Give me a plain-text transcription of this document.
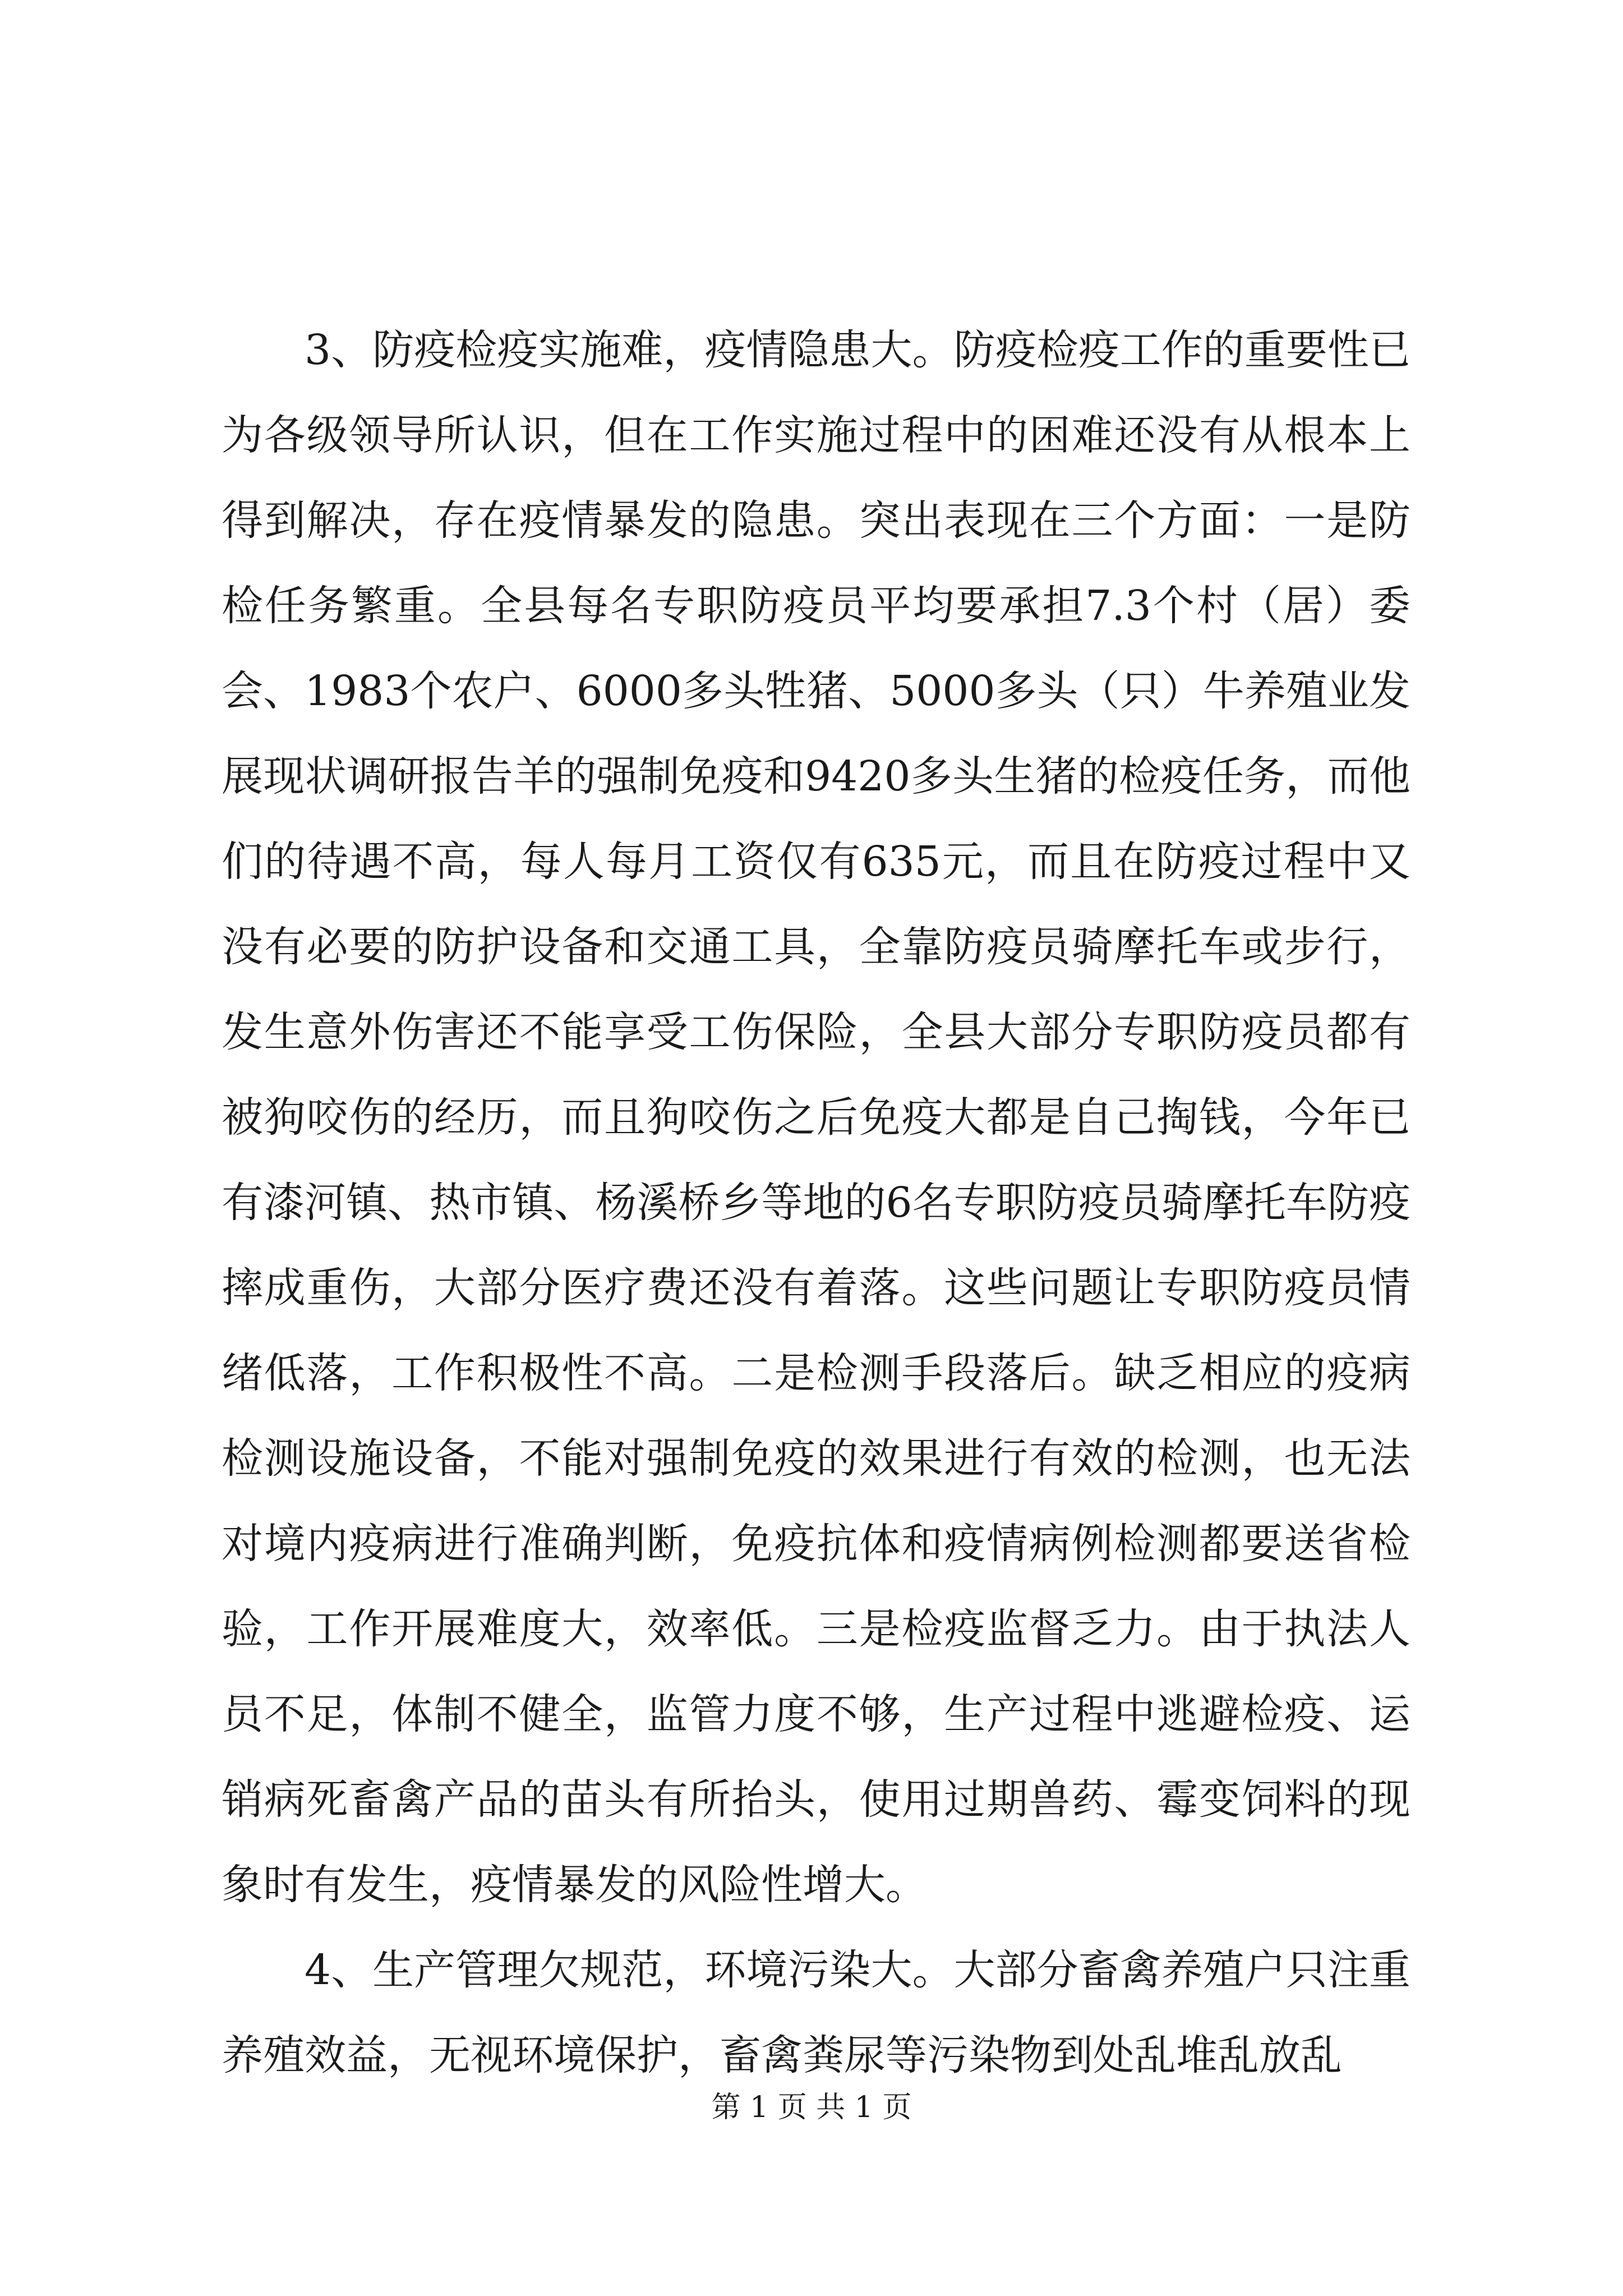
3、防疫检疫实施难，疫情隐患大。防疫检疫工作的重要性已为各级领导所认识，但在工作实施过程中的困难还没有从根本上得到解决，存在疫情暴发的隐患。突出表现在三个方面：一是防检任务繁重。全县每名专职防疫员平均要承担7.3个村（居）委会、1983个农户、6000多头牲猪、5000多头（只）牛养殖业发展现状调研报告羊的强制免疫和9420多头生猪的检疫任务，而他们的待遇不高，每人每月工资仅有635元，而且在防疫过程中又没有必要的防护设备和交通工具，全靠防疫员骑摩托车或步行，发生意外伤害还不能享受工伤保险，全县大部分专职防疫员都有被狗咬伤的经历，而且狗咬伤之后免疫大都是自己掏钱，今年已有漆河镇、热市镇、杨溪桥乡等地的6名专职防疫员骑摩托车防疫摔成重伤，大部分医疗费还没有着落。这些问题让专职防疫员情绪低落，工作积极性不高。二是检测手段落后。缺乏相应的疫病检测设施设备，不能对强制免疫的效果进行有效的检测，也无法对境内疫病进行准确判断，免疫抗体和疫情病例检测都要送省检验，工作开展难度大，效率低。三是检疫监督乏力。由于执法人员不足，体制不健全，监管力度不够，生产过程中逃避检疫、运销病死畜禽产品的苗头有所抬头，使用过期兽药、霉变饲料的现象时有发生，疫情暴发的风险性增大。

4、生产管理欠规范，环境污染大。大部分畜禽养殖户只注重养殖效益，无视环境保护，畜禽粪尿等污染物到处乱堆乱放乱

第 1 页 共 1 页
